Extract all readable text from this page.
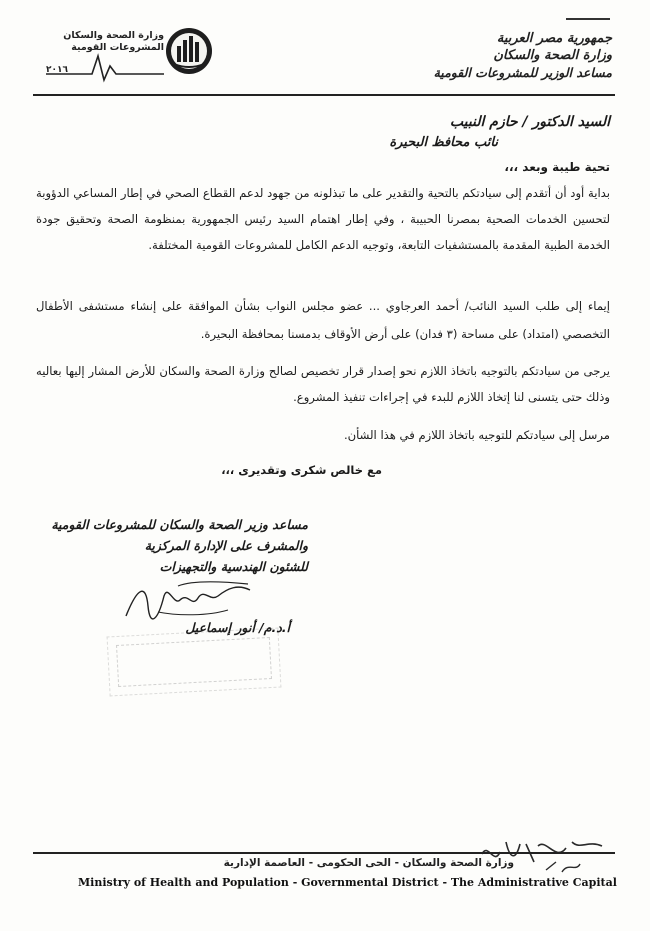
جمهورية مصر العربية
وزارة الصحة والسكان
مساعد الوزير للمشروعات القومية
وزارة الصحة والسكان
المشروعات القومية
٢٠١٦
السيد الدكتور / حازم النبيب
نائب محافظ البحيرة
تحية طيبة وبعد ،،،
بداية أود أن أتقدم إلى سيادتكم بالتحية والتقدير على ما تبذلونه من جهود لدعم القطاع الصحي في إطار المساعي الدؤوبة لتحسين الخدمات الصحية بمصرنا الحبيبة ، وفي إطار اهتمام السيد رئيس الجمهورية بمنظومة الصحة وتحقيق جودة الخدمة الطبية المقدمة بالمستشفيات التابعة، وتوجيه الدعم الكامل للمشروعات القومية المختلفة.
إيماء إلى طلب السيد النائب/ أحمد العرجاوي ... عضو مجلس النواب بشأن الموافقة على إنشاء مستشفى الأطفال التخصصي (امتداد) على مساحة (٣ فدان) على أرض الأوقاف بدمسنا بمحافظة البحيرة.
يرجى من سيادتكم بالتوجيه باتخاذ اللازم نحو إصدار قرار تخصيص لصالح وزارة الصحة والسكان للأرض المشار إليها بعاليه وذلك حتى يتسنى لنا إتخاذ اللازم للبدء في إجراءات تنفيذ المشروع.
مرسل إلى سيادتكم للتوجيه باتخاذ اللازم في هذا الشأن.
مع خالص شكرى وتقديرى ،،،
مساعد وزير الصحة والسكان للمشروعات القومية
والمشرف على الإدارة المركزية
للشئون الهندسية والتجهيزات
أ.د.م/ أنور إسماعيل
وزارة الصحة والسكان - الحى الحكومى - العاصمة الإدارية
Ministry of Health and Population - Governmental District - The Administrative Capital
